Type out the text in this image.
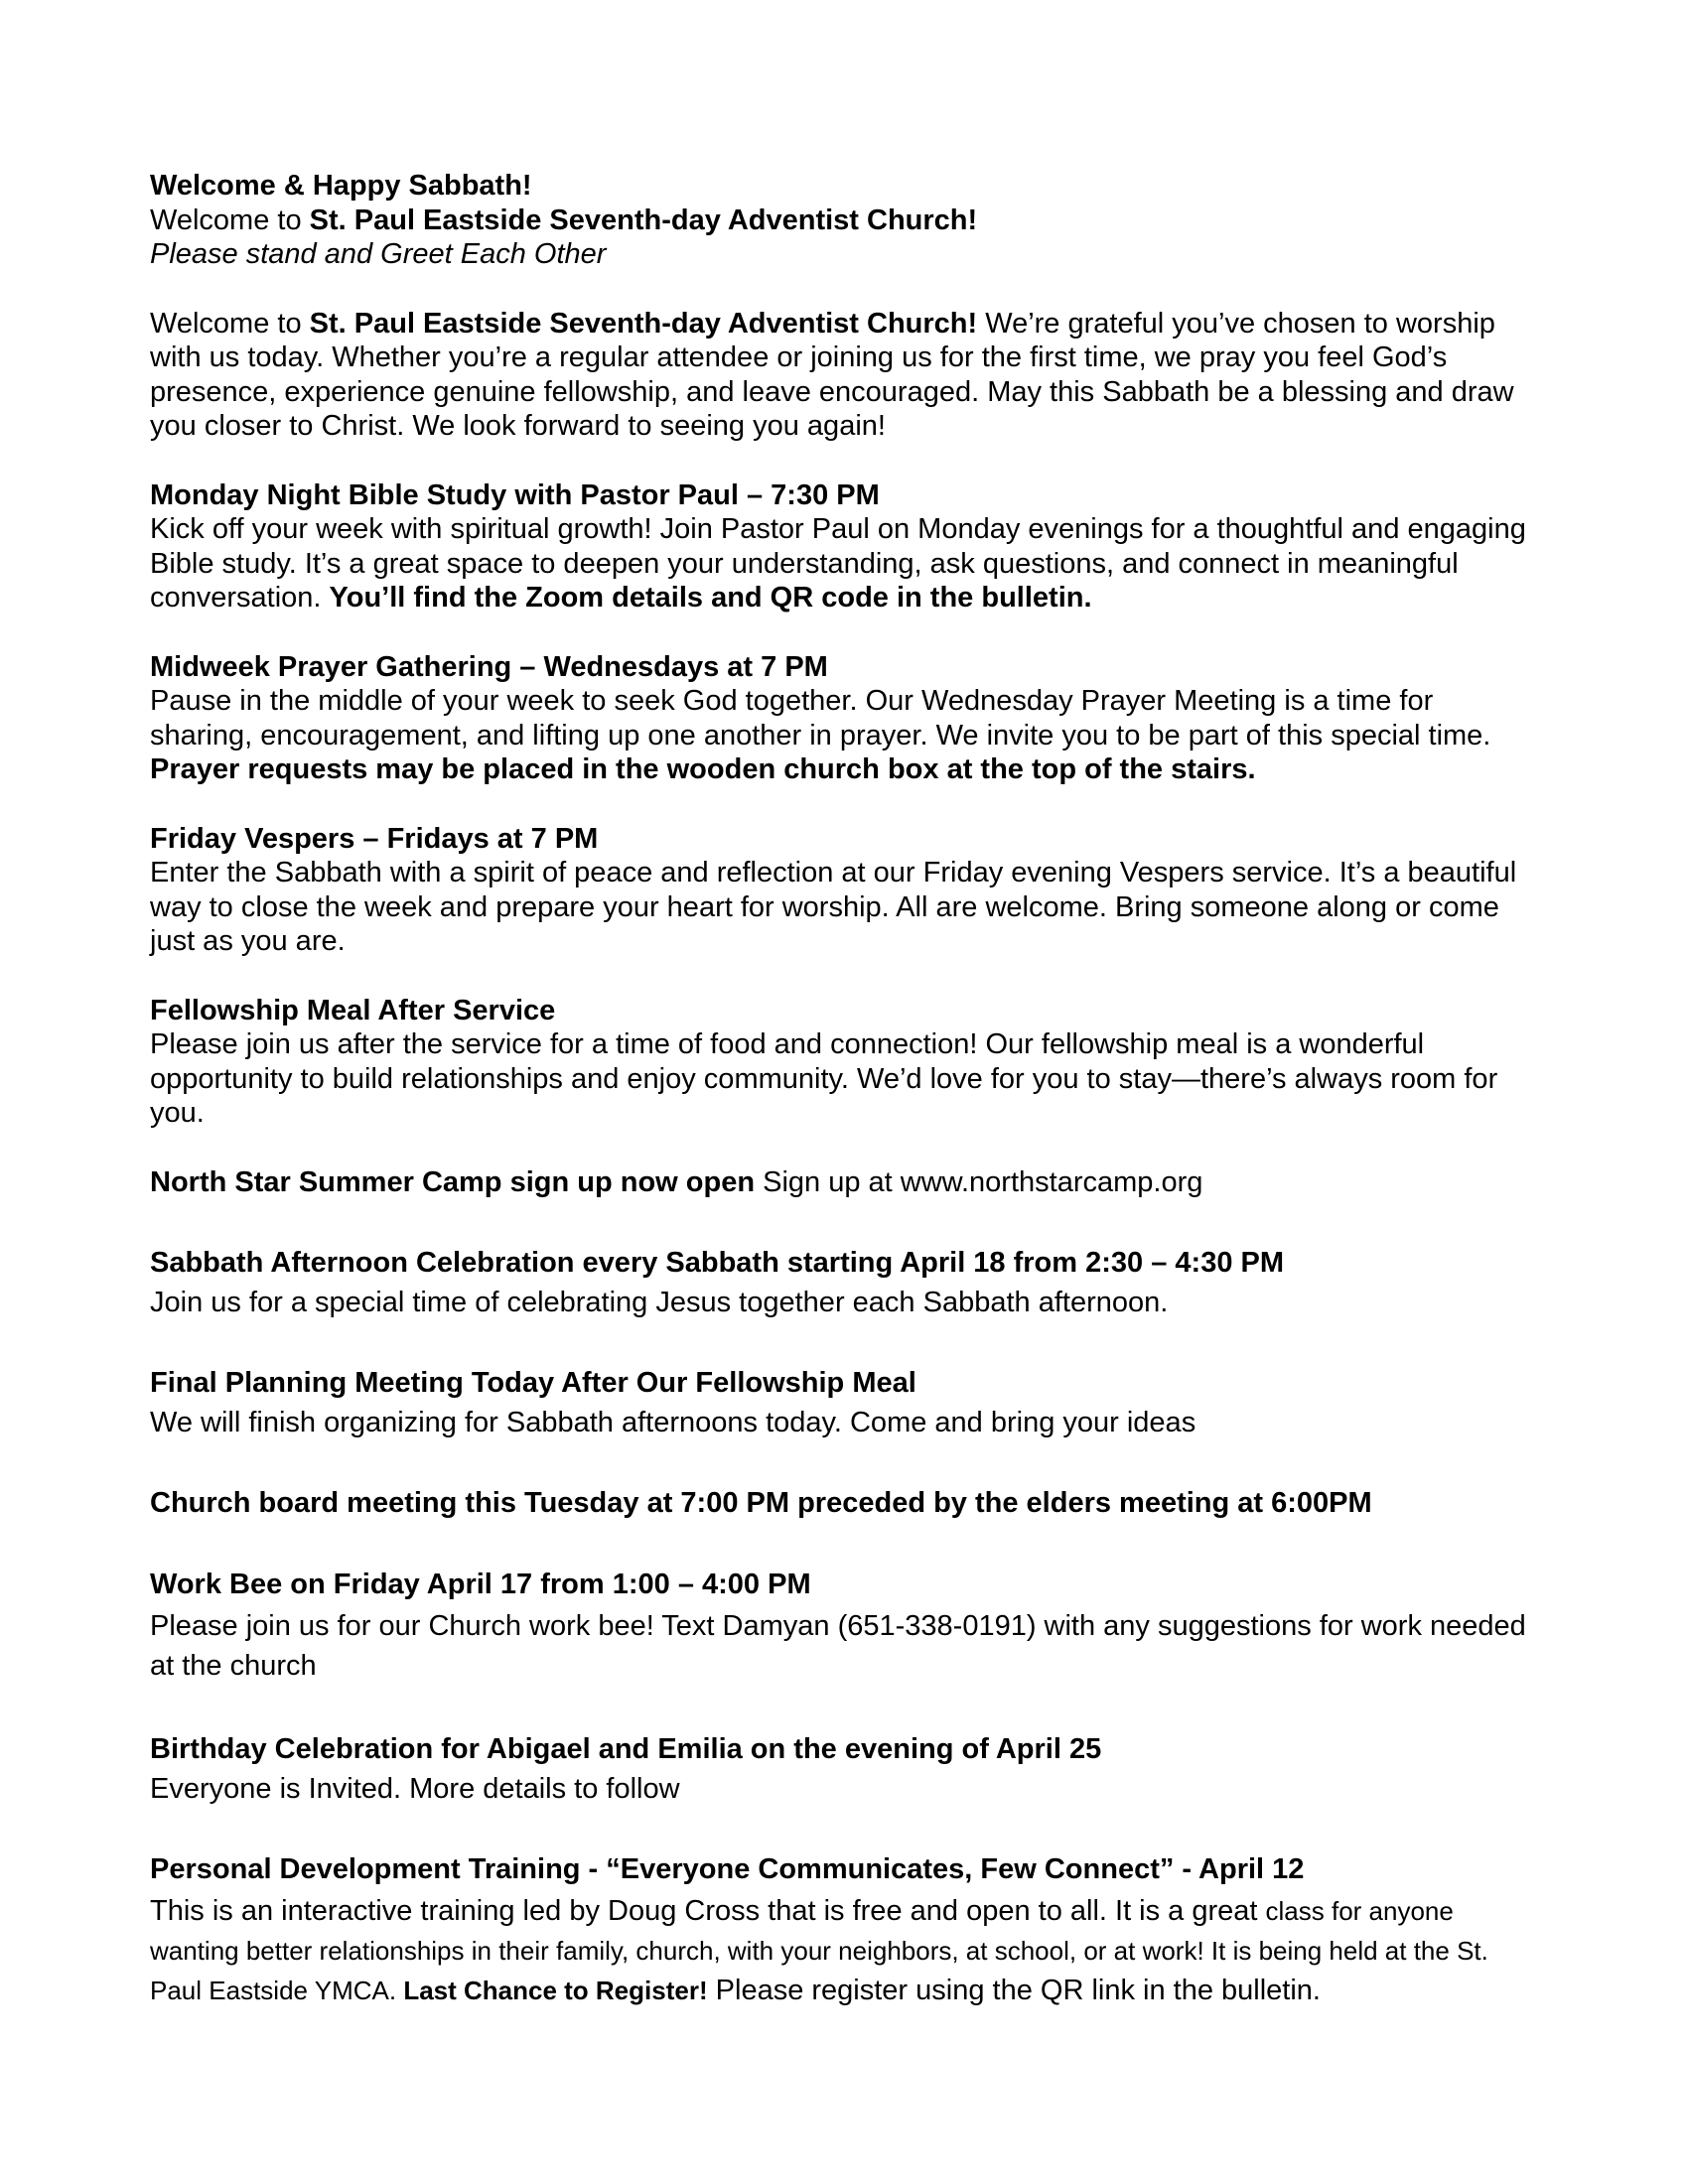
Welcome & Happy Sabbath!
Welcome to St. Paul Eastside Seventh-day Adventist Church!
Please stand and Greet Each Other

Welcome to St. Paul Eastside Seventh-day Adventist Church! We’re grateful you’ve chosen to worship with us today. Whether you’re a regular attendee or joining us for the first time, we pray you feel God’s presence, experience genuine fellowship, and leave encouraged. May this Sabbath be a blessing and draw you closer to Christ. We look forward to seeing you again!

Monday Night Bible Study with Pastor Paul – 7:30 PM
Kick off your week with spiritual growth! Join Pastor Paul on Monday evenings for a thoughtful and engaging Bible study. It’s a great space to deepen your understanding, ask questions, and connect in meaningful conversation. You’ll find the Zoom details and QR code in the bulletin.
Midweek Prayer Gathering – Wednesdays at 7 PM
Pause in the middle of your week to seek God together. Our Wednesday Prayer Meeting is a time for sharing, encouragement, and lifting up one another in prayer. We invite you to be part of this special time. Prayer requests may be placed in the wooden church box at the top of the stairs.
Friday Vespers – Fridays at 7 PM
Enter the Sabbath with a spirit of peace and reflection at our Friday evening Vespers service. It’s a beautiful way to close the week and prepare your heart for worship. All are welcome. Bring someone along or come just as you are.
Fellowship Meal After Service
Please join us after the service for a time of food and connection! Our fellowship meal is a wonderful opportunity to build relationships and enjoy community. We’d love for you to stay—there’s always room for you.

North Star Summer Camp sign up now open Sign up at www.northstarcamp.org

Sabbath Afternoon Celebration every Sabbath starting April 18 from 2:30 – 4:30 PM
Join us for a special time of celebrating Jesus together each Sabbath afternoon.
Final Planning Meeting Today After Our Fellowship Meal
We will finish organizing for Sabbath afternoons today. Come and bring your ideas

Church board meeting this Tuesday at 7:00 PM preceded by the elders meeting at 6:00PM

Work Bee on Friday April 17 from 1:00 – 4:00 PM
Please join us for our Church work bee! Text Damyan (651-338-0191) with any suggestions for work needed at the church
Birthday Celebration for Abigael and Emilia on the evening of April 25
Everyone is Invited. More details to follow
Personal Development Training - “Everyone Communicates, Few Connect” - April 12
This is an interactive training led by Doug Cross that is free and open to all. It is a great class for anyone wanting better relationships in their family, church, with your neighbors, at school, or at work! It is being held at the St. Paul Eastside YMCA. Last Chance to Register! Please register using the QR link in the bulletin.
